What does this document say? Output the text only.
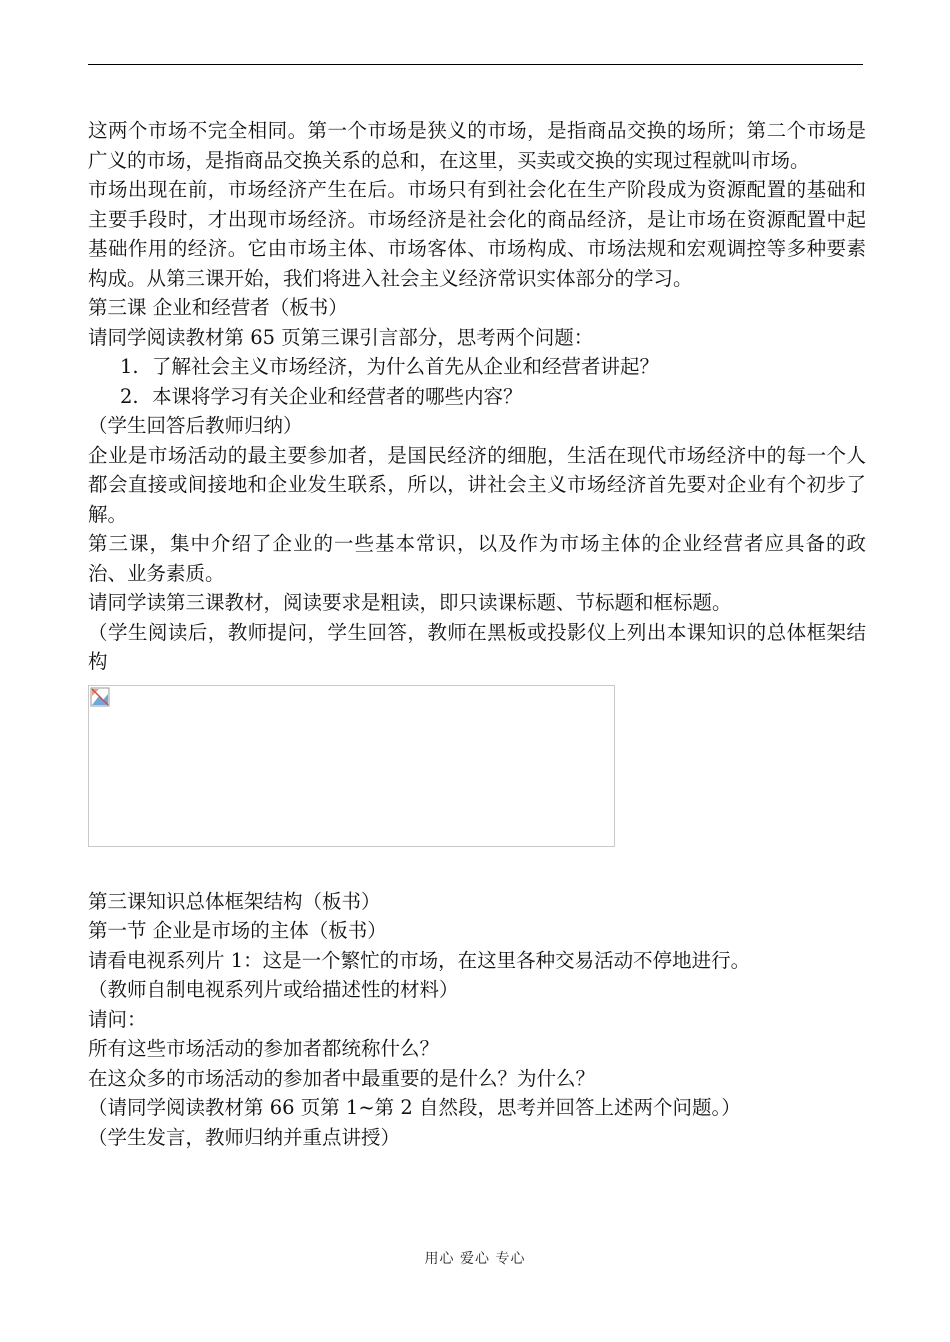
这两个市场不完全相同。第一个市场是狭义的市场，是指商品交换的场所；第二个市场是广义的市场，是指商品交换关系的总和，在这里，买卖或交换的实现过程就叫市场。

市场出现在前，市场经济产生在后。市场只有到社会化在生产阶段成为资源配置的基础和主要手段时，才出现市场经济。市场经济是社会化的商品经济，是让市场在资源配置中起基础作用的经济。它由市场主体、市场客体、市场构成、市场法规和宏观调控等多种要素构成。从第三课开始，我们将进入社会主义经济常识实体部分的学习。

第三课 企业和经营者（板书）

请同学阅读教材第 65 页第三课引言部分，思考两个问题：

1. 了解社会主义市场经济，为什么首先从企业和经营者讲起？

2. 本课将学习有关企业和经营者的哪些内容？

（学生回答后教师归纳）

企业是市场活动的最主要参加者，是国民经济的细胞，生活在现代市场经济中的每一个人都会直接或间接地和企业发生联系，所以，讲社会主义市场经济首先要对企业有个初步了解。

第三课，集中介绍了企业的一些基本常识，以及作为市场主体的企业经营者应具备的政治、业务素质。

请同学读第三课教材，阅读要求是粗读，即只读课标题、节标题和框标题。

（学生阅读后，教师提问，学生回答，教师在黑板或投影仪上列出本课知识的总体框架结构

第三课知识总体框架结构（板书）

第一节 企业是市场的主体（板书）

请看电视系列片 1：这是一个繁忙的市场，在这里各种交易活动不停地进行。

（教师自制电视系列片或给描述性的材料）

请问：

所有这些市场活动的参加者都统称什么？

在这众多的市场活动的参加者中最重要的是什么？为什么？

（请同学阅读教材第 66 页第 1~第 2 自然段，思考并回答上述两个问题。）

（学生发言，教师归纳并重点讲授）

用心 爱心 专心
